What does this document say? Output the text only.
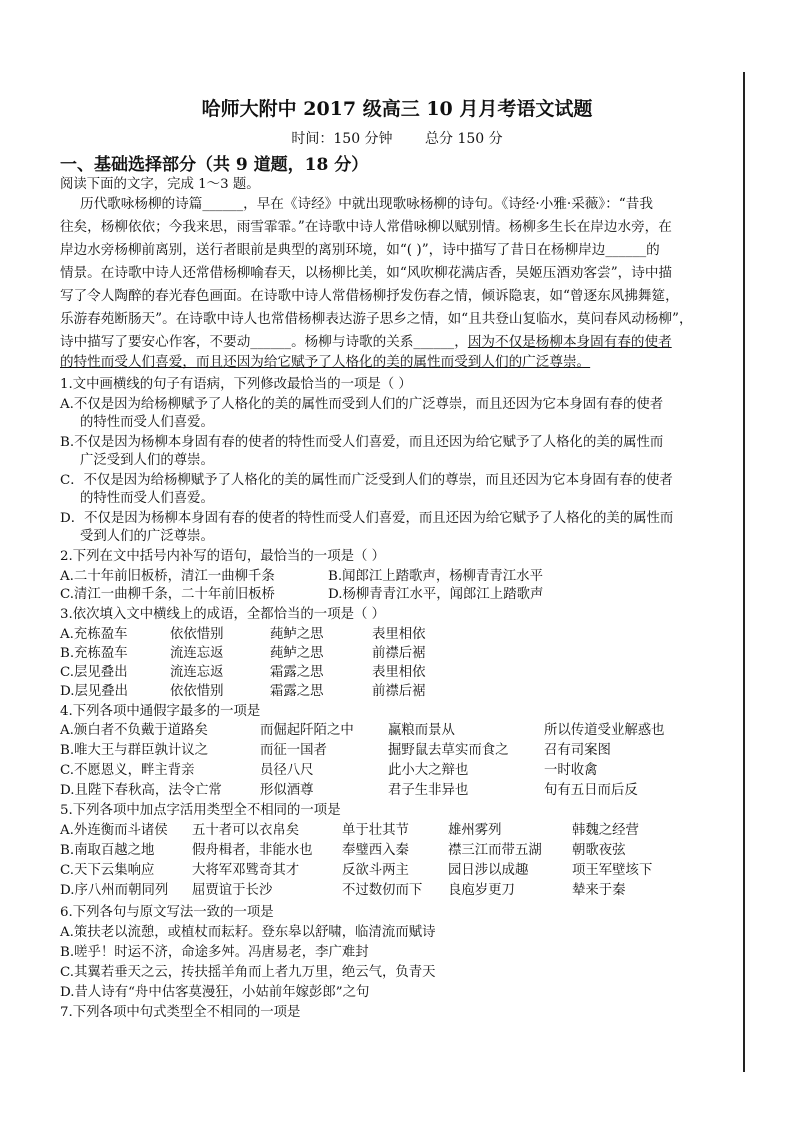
哈师大附中 2017 级高三 10 月月考语文试题
时间：150 分钟 总分 150 分
一、基础选择部分（共 9 道题，18 分）
阅读下面的文字，完成 1～3 题。
历代歌咏杨柳的诗篇______，早在《诗经》中就出现歌咏杨柳的诗句。《诗经·小雅·采薇》：“昔我
往矣，杨柳依依；今我来思，雨雪霏霏。”在诗歌中诗人常借咏柳以赋别情。杨柳多生长在岸边水旁，在
岸边水旁杨柳前离别，送行者眼前是典型的离别环境，如“( )”，诗中描写了昔日在杨柳岸边______的
情景。在诗歌中诗人还常借杨柳喻春天，以杨柳比美，如“风吹柳花满店香，吴姬压酒劝客尝”，诗中描
写了令人陶醉的春光春色画面。在诗歌中诗人常借杨柳抒发伤春之情，倾诉隐衷，如“曾逐东风拂舞筵，
乐游春苑断肠天”。在诗歌中诗人也常借杨柳表达游子思乡之情，如“且共登山复临水，莫问春风动杨柳”，
诗中描写了要安心作客，不要动______。杨柳与诗歌的关系______，因为不仅是杨柳本身固有春的使者
的特性而受人们喜爱，而且还因为给它赋予了人格化的美的属性而受到人们的广泛尊崇。
1.文中画横线的句子有语病，下列修改最恰当的一项是（ ）
A.不仅是因为给杨柳赋予了人格化的美的属性而受到人们的广泛尊崇，而且还因为它本身固有春的使者
的特性而受人们喜爱。
B.不仅是因为杨柳本身固有春的使者的特性而受人们喜爱，而且还因为给它赋予了人格化的美的属性而
广泛受到人们的尊崇。
C．不仅是因为给杨柳赋予了人格化的美的属性而广泛受到人们的尊崇，而且还因为它本身固有春的使者
的特性而受人们喜爱。
D．不仅是因为杨柳本身固有春的使者的特性而受人们喜爱，而且还因为给它赋予了人格化的美的属性而
受到人们的广泛尊崇。
2.下列在文中括号内补写的语句，最恰当的一项是（ ）
A.二十年前旧板桥，清江一曲柳千条	B.闻郎江上踏歌声，杨柳青青江水平
C.清江一曲柳千条，二十年前旧板桥	D.杨柳青青江水平，闻郎江上踏歌声
3.依次填入文中横线上的成语，全都恰当的一项是（ ）
A.充栋盈车	依依惜别	莼鲈之思	表里相依
B.充栋盈车	流连忘返	莼鲈之思	前襟后裾
C.层见叠出	流连忘返	霜露之思	表里相依
D.层见叠出	依依惜别	霜露之思	前襟后裾
4.下列各项中通假字最多的一项是
A.颁白者不负戴于道路矣	而倔起阡陌之中	赢粮而景从	所以传道受业解惑也
B.唯大王与群臣孰计议之	而征一国者	掘野鼠去草实而食之	召有司案图
C.不愿恩义，畔主背亲	员径八尺	此小大之辩也	一时收禽
D.且陛下春秋高，法令亡常	形似酒尊	君子生非异也	旬有五日而后反
5.下列各项中加点字活用类型全不相同的一项是
A.外连衡而斗诸侯 五十者可以衣帛矣	单于壮其节	雄州雾列	韩魏之经营
B.南取百越之地	假舟楫者，非能水也 奉璧西入秦	襟三江而带五湖 朝歌夜弦
C.天下云集响应	大将军邓骘奇其才	反欲斗两主	园日涉以成趣	项王军壁垓下
D.序八州而朝同列 屈贾谊于长沙	不过数仞而下 良庖岁更刀	辇来于秦
6.下列各句与原文写法一致的一项是
A.策扶老以流憩，或植杖而耘耔。登东皋以舒啸，临清流而赋诗
B.嗟乎！时运不济，命途多舛。冯唐易老，李广难封
C.其翼若垂天之云，抟扶摇羊角而上者九万里，绝云气，负青天
D.昔人诗有“舟中估客莫漫狂，小姑前年嫁彭郎”之句
7.下列各项中句式类型全不相同的一项是
